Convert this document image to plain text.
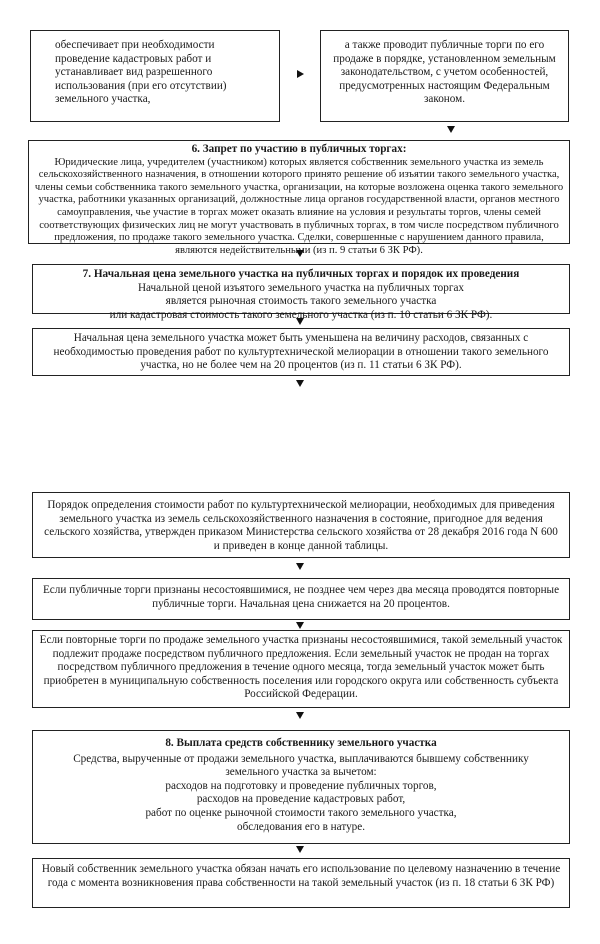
обеспечивает при необходимости проведение кадастровых работ и устанавливает вид разрешенного использования (при его отсутствии) земельного участка,

а также проводит публичные торги по его продаже в порядке, установленном земельным законодательством, с учетом особенностей, предусмотренных настоящим Федеральным законом.

6. Запрет по участию в публичных торгах:

Юридические лица, учредителем (участником) которых является собственник земельного участка из земель сельскохозяйственного назначения, в отношении которого принято решение об изъятии такого земельного участка, члены семьи собственника такого земельного участка, организации, на которые возложена оценка такого земельного участка, работники указанных организаций, должностные лица органов государственной власти, органов местного самоуправления, чье участие в торгах может оказать влияние на условия и результаты торгов, члены семей соответствующих физических лиц не могут участвовать в публичных торгах, в том числе посредством публичного предложения, по продаже такого земельного участка. Сделки, совершенные с нарушением данного правила, являются недействительными (из п. 9 статьи 6 ЗК РФ).

7. Начальная цена земельного участка на публичных торгах и порядок их проведения

Начальной ценой изъятого земельного участка на публичных торгах

является рыночная стоимость такого земельного участка

или кадастровая стоимость такого земельного участка (из п. 10 статьи 6 ЗК РФ).

Начальная цена земельного участка может быть уменьшена на величину расходов, связанных с необходимостью проведения работ по культуртехнической мелиорации в отношении такого земельного участка, но не более чем на 20 процентов (из п. 11 статьи 6 ЗК РФ).

Порядок определения стоимости работ по культуртехнической мелиорации, необходимых для приведения земельного участка из земель сельскохозяйственного назначения в состояние, пригодное для ведения сельского хозяйства, утвержден приказом Министерства сельского хозяйства от 28 декабря 2016 года N 600 и приведен в конце данной таблицы.

Если публичные торги признаны несостоявшимися, не позднее чем через два месяца проводятся повторные публичные торги. Начальная цена снижается на 20 процентов.

Если повторные торги по продаже земельного участка признаны несостоявшимися, такой земельный участок подлежит продаже посредством публичного предложения. Если земельный участок не продан на торгах посредством публичного предложения в течение одного месяца, тогда земельный участок может быть приобретен в муниципальную собственность поселения или городского округа или собственность субъекта Российской Федерации.

8. Выплата средств собственнику земельного участка

Средства, вырученные от продажи земельного участка, выплачиваются бывшему собственнику земельного участка за вычетом:

расходов на подготовку и проведение публичных торгов,

расходов на проведение кадастровых работ,

работ по оценке рыночной стоимости такого земельного участка,

обследования его в натуре.

Новый собственник земельного участка обязан начать его использование по целевому назначению в течение года с момента возникновения права собственности на такой земельный участок (из п. 18 статьи 6 ЗК РФ)
